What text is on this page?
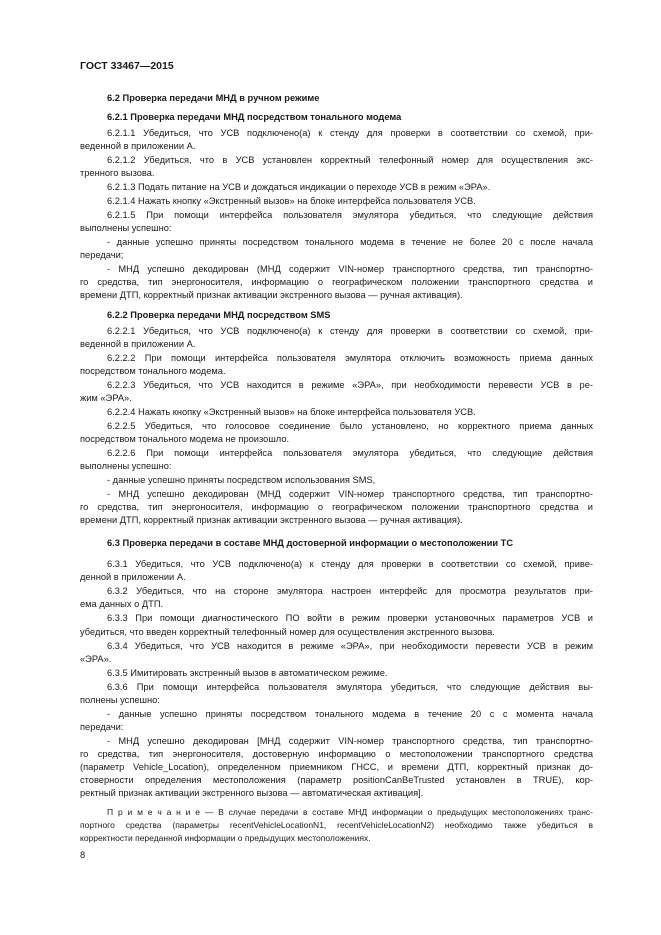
ГОСТ 33467—2015
6.2 Проверка передачи МНД в ручном режиме
6.2.1 Проверка передачи МНД посредством тонального модема
6.2.1.1 Убедиться, что УСВ подключено(а) к стенду для проверки в соответствии со схемой, при-
веденной в приложении А.
6.2.1.2 Убедиться, что в УСВ установлен корректный телефонный номер для осуществления экс-
тренного вызова.
6.2.1.3 Подать питание на УСВ и дождаться индикации о переходе УСВ в режим «ЭРА».
6.2.1.4 Нажать кнопку «Экстренный вызов» на блоке интерфейса пользователя УСВ.
6.2.1.5 При помощи интерфейса пользователя эмулятора убедиться, что следующие действия
выполнены успешно:
- данные успешно приняты посредством тонального модема в течение не более 20 с после начала
передачи;
- МНД успешно декодирован (МНД содержит VIN-номер транспортного средства, тип транспортно-
го средства, тип энергоносителя, информацию о географическом положении транспортного средства и
времени ДТП, корректный признак активации экстренного вызова — ручная активация).
6.2.2 Проверка передачи МНД посредством SMS
6.2.2.1 Убедиться, что УСВ подключено(а) к стенду для проверки в соответствии со схемой, при-
веденной в приложении А.
6.2.2.2 При помощи интерфейса пользователя эмулятора отключить возможность приема данных
посредством тонального модема.
6.2.2.3 Убедиться, что УСВ находится в режиме «ЭРА», при необходимости перевести УСВ в ре-
жим «ЭРА».
6.2.2.4 Нажать кнопку «Экстренный вызов» на блоке интерфейса пользователя УСВ.
6.2.2.5 Убедиться, что голосовое соединение было установлено, но корректного приема данных
посредством тонального модема не произошло.
6.2.2.6 При помощи интерфейса пользователя эмулятора убедиться, что следующие действия
выполнены успешно:
- данные успешно приняты посредством использования SMS,
- МНД успешно декодирован (МНД содержит VIN-номер транспортного средства, тип транспортно-
го средства, тип энергоносителя, информацию о географическом положении транспортного средства и
времени ДТП, корректный признак активации экстренного вызова — ручная активация).
6.3 Проверка передачи в составе МНД достоверной информации о местоположении ТС
6.3.1 Убедиться, что УСВ подключено(а) к стенду для проверки в соответствии со схемой, приве-
денной в приложении А.
6.3.2 Убедиться, что на стороне эмулятора настроен интерфейс для просмотра результатов при-
ема данных о ДТП.
6.3.3 При помощи диагностического ПО войти в режим проверки установочных параметров УСВ и
убедиться, что введен корректный телефонный номер для осуществления экстренного вызова.
6.3.4 Убедиться, что УСВ находится в режиме «ЭРА», при необходимости перевести УСВ в режим
«ЭРА».
6.3.5 Имитировать экстренный вызов в автоматическом режиме.
6.3.6 При помощи интерфейса пользователя эмулятора убедиться, что следующие действия вы-
полнены успешно:
- данные успешно приняты посредством тонального модема в течение 20 с с момента начала
передачи:
- МНД успешно декодирован [МНД содержит VIN-номер транспортного средства, тип транспортно-
го средства, тип энергоносителя, достоверную информацию о местоположении транспортного средства
(параметр Vehicle_Location), определенном приемником ГНСС, и времени ДТП, корректный признак до-
стоверности определения местоположения (параметр positionCanBeTrusted установлен в TRUE), кор-
ректный признак активации экстренного вызова — автоматическая активация].
П р и м е ч а н и е — В случае передачи в составе МНД информации о предыдущих местоположениях транс-
портного средства (параметры recentVehicleLocationN1, recentVehicleLocationN2) необходимо также убедиться в
корректности переданной информации о предыдущих местоположениях.
8
